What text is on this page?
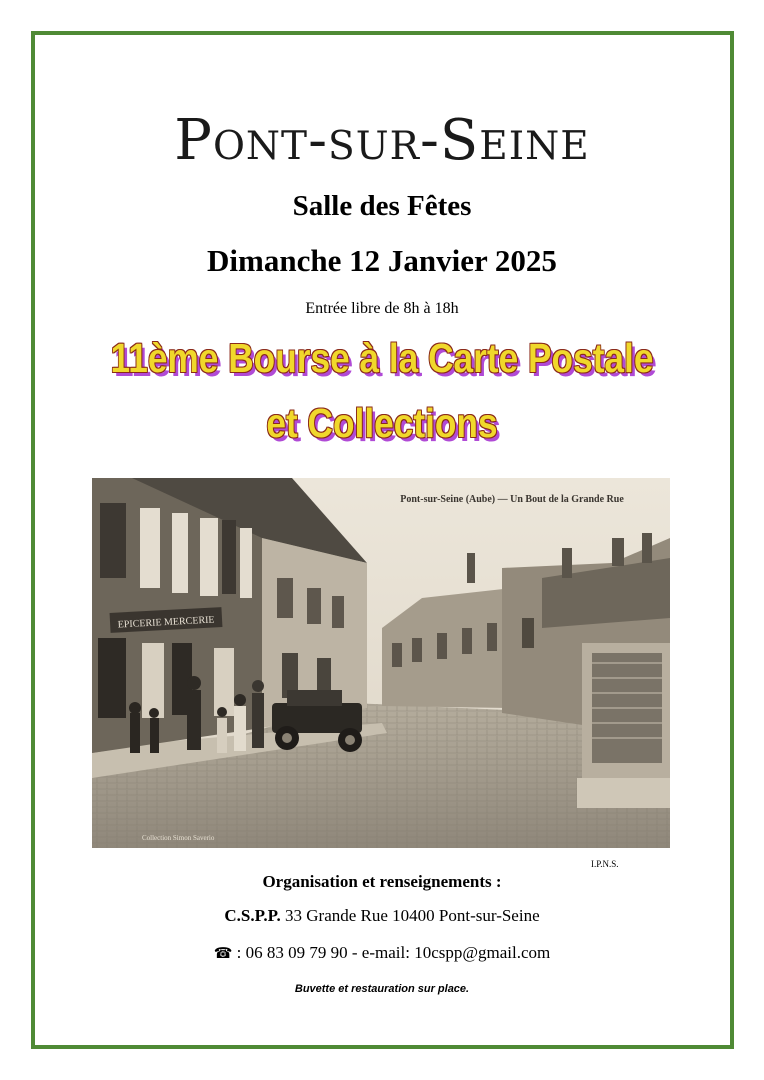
Pont-sur-Seine
Salle des Fêtes
Dimanche 12 Janvier 2025
Entrée libre de 8h à 18h
11ème Bourse à la Carte Postale
et Collections
EPICERIE MERCERIE
Pont-sur-Seine (Aube) — Un Bout de la Grande Rue
Collection Simon Saverio
I.P.N.S.
Organisation et renseignements :
C.S.P.P. 33 Grande Rue 10400 Pont-sur-Seine
☎ : 06 83 09 79 90 - e-mail: 10cspp@gmail.com
Buvette et restauration sur place.
